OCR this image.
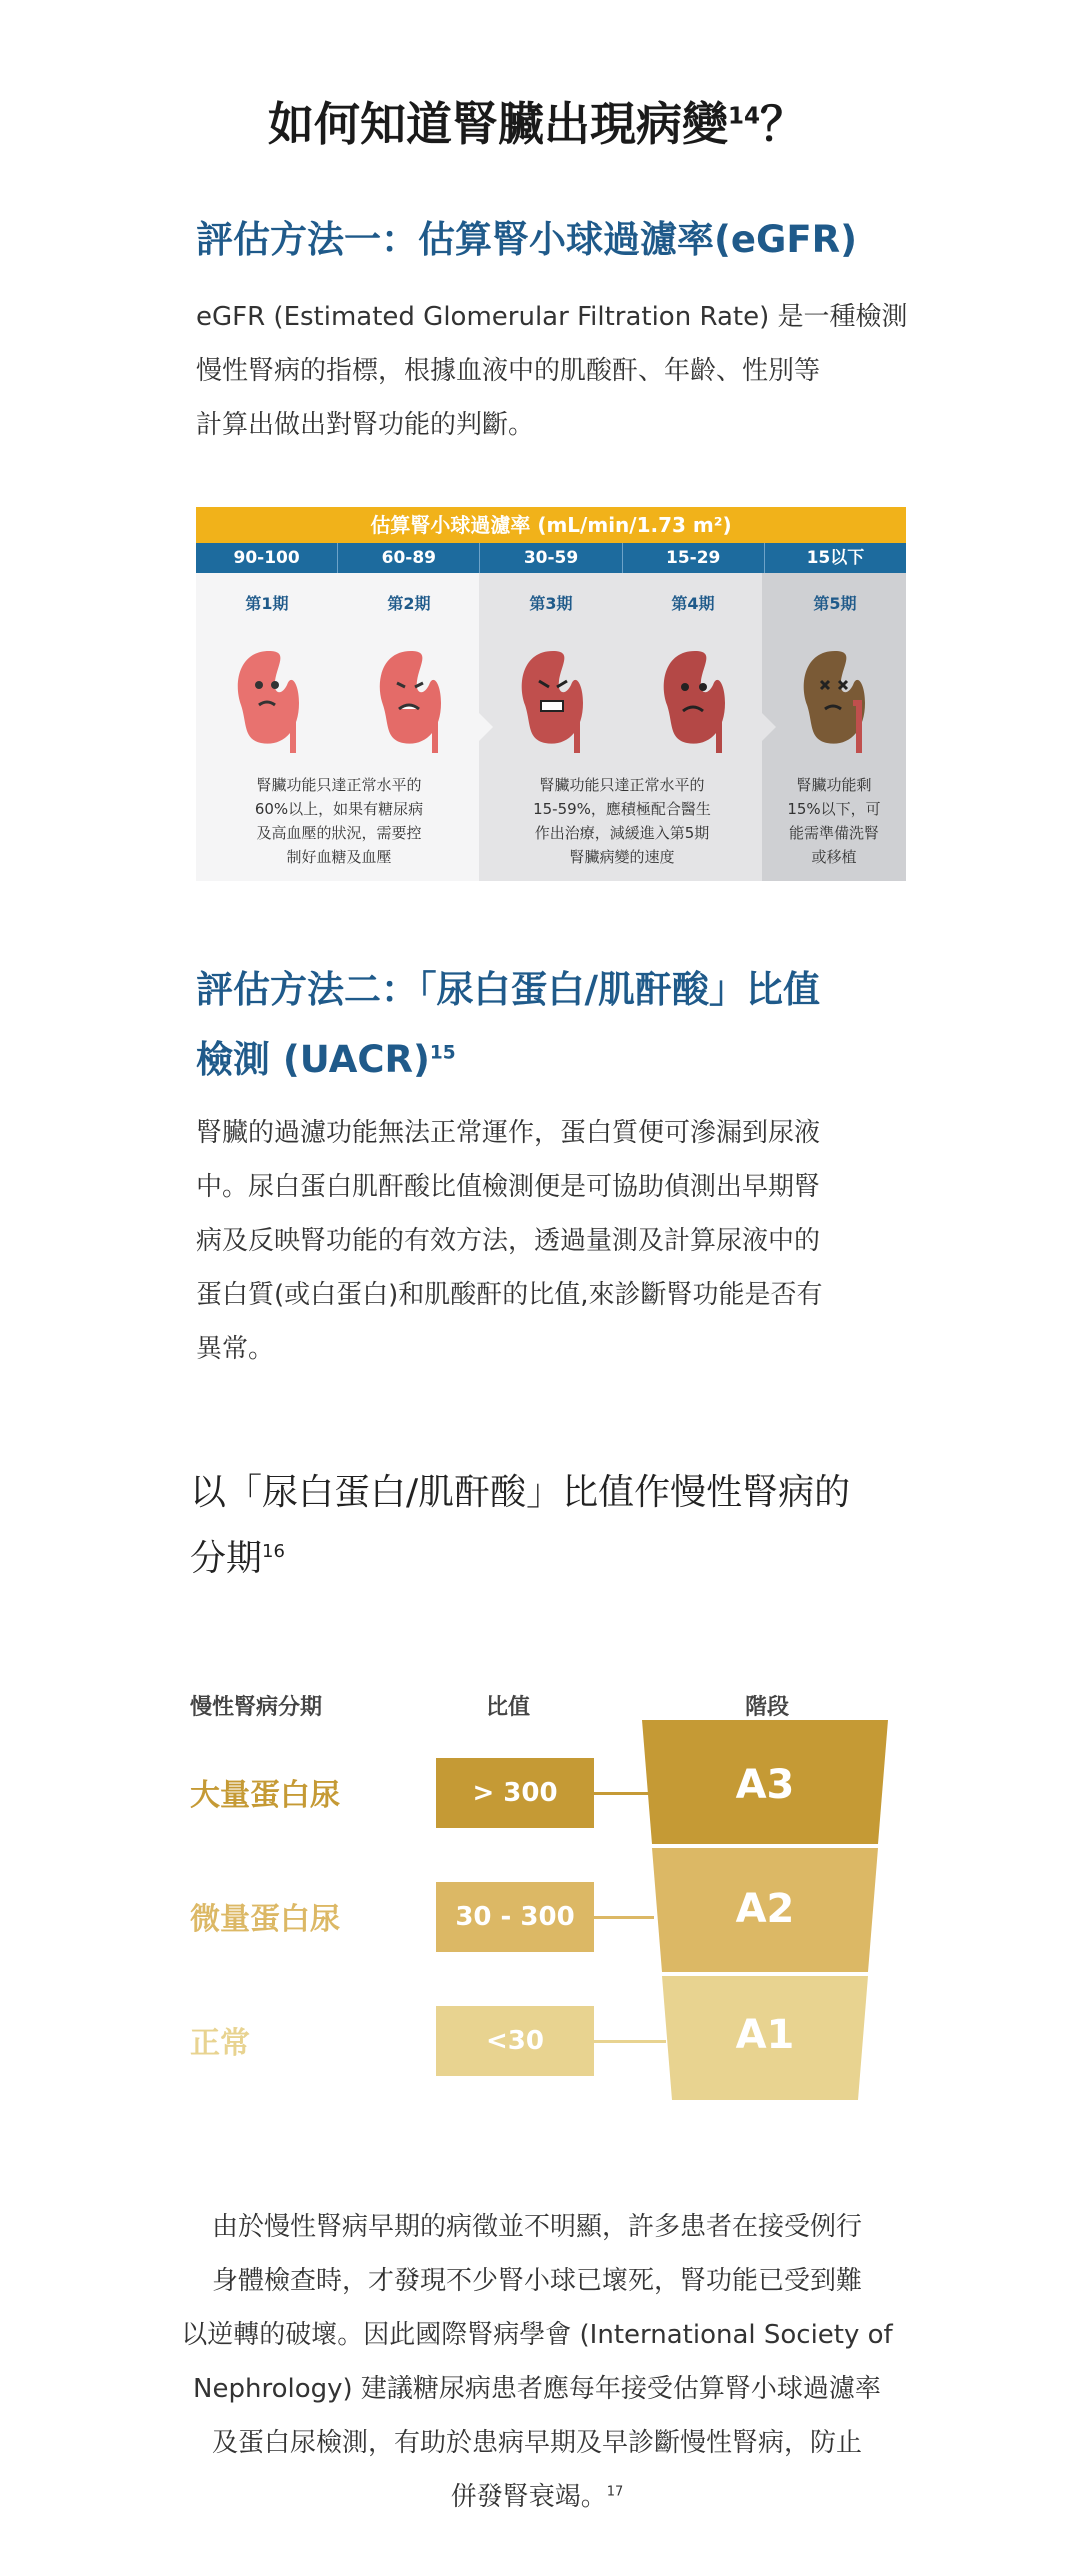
如何知道腎臟出現病變$^{14}$？
評估方法一：估算腎小球過濾率(eGFR)
eGFR (Estimated Glomerular Filtration Rate) 是一種檢測
慢性腎病的指標，根據血液中的肌酸酐、年齡、性別等
計算出做出對腎功能的判斷。
估算腎小球過濾率 (mL/min/1.73 m²)
90-100	60-89	30-59	15-29	15以下
第1期	第2期	第3期	第4期	第5期
腎臟功能只達正常水平的
60%以上，如果有糖尿病
及高血壓的狀況，需要控
制好血糖及血壓
腎臟功能只達正常水平的
15-59%，應積極配合醫生
作出治療，減緩進入第5期
腎臟病變的速度
腎臟功能剩
15%以下，可
能需準備洗腎
或移植
評估方法二：「尿白蛋白/肌酐酸」比值
檢測 (UACR)$^{15}$
腎臟的過濾功能無法正常運作，蛋白質便可滲漏到尿液
中。尿白蛋白肌酐酸比值檢測便是可協助偵測出早期腎
病及反映腎功能的有效方法，透過量測及計算尿液中的
蛋白質(或白蛋白)和肌酸酐的比值,來診斷腎功能是否有
異常。
以「尿白蛋白/肌酐酸」比值作慢性腎病的
分期$^{16}$
慢性腎病分期	比值	階段
大量蛋白尿	> 300	A3
微量蛋白尿	30 - 300	A2
正常	<30	A1
由於慢性腎病早期的病徵並不明顯，許多患者在接受例行
身體檢查時，才發現不少腎小球已壞死，腎功能已受到難
以逆轉的破壞。因此國際腎病學會 (International Society of
Nephrology) 建議糖尿病患者應每年接受估算腎小球過濾率
及蛋白尿檢測，有助於患病早期及早診斷慢性腎病，防止
併發腎衰竭。$^{17}$
